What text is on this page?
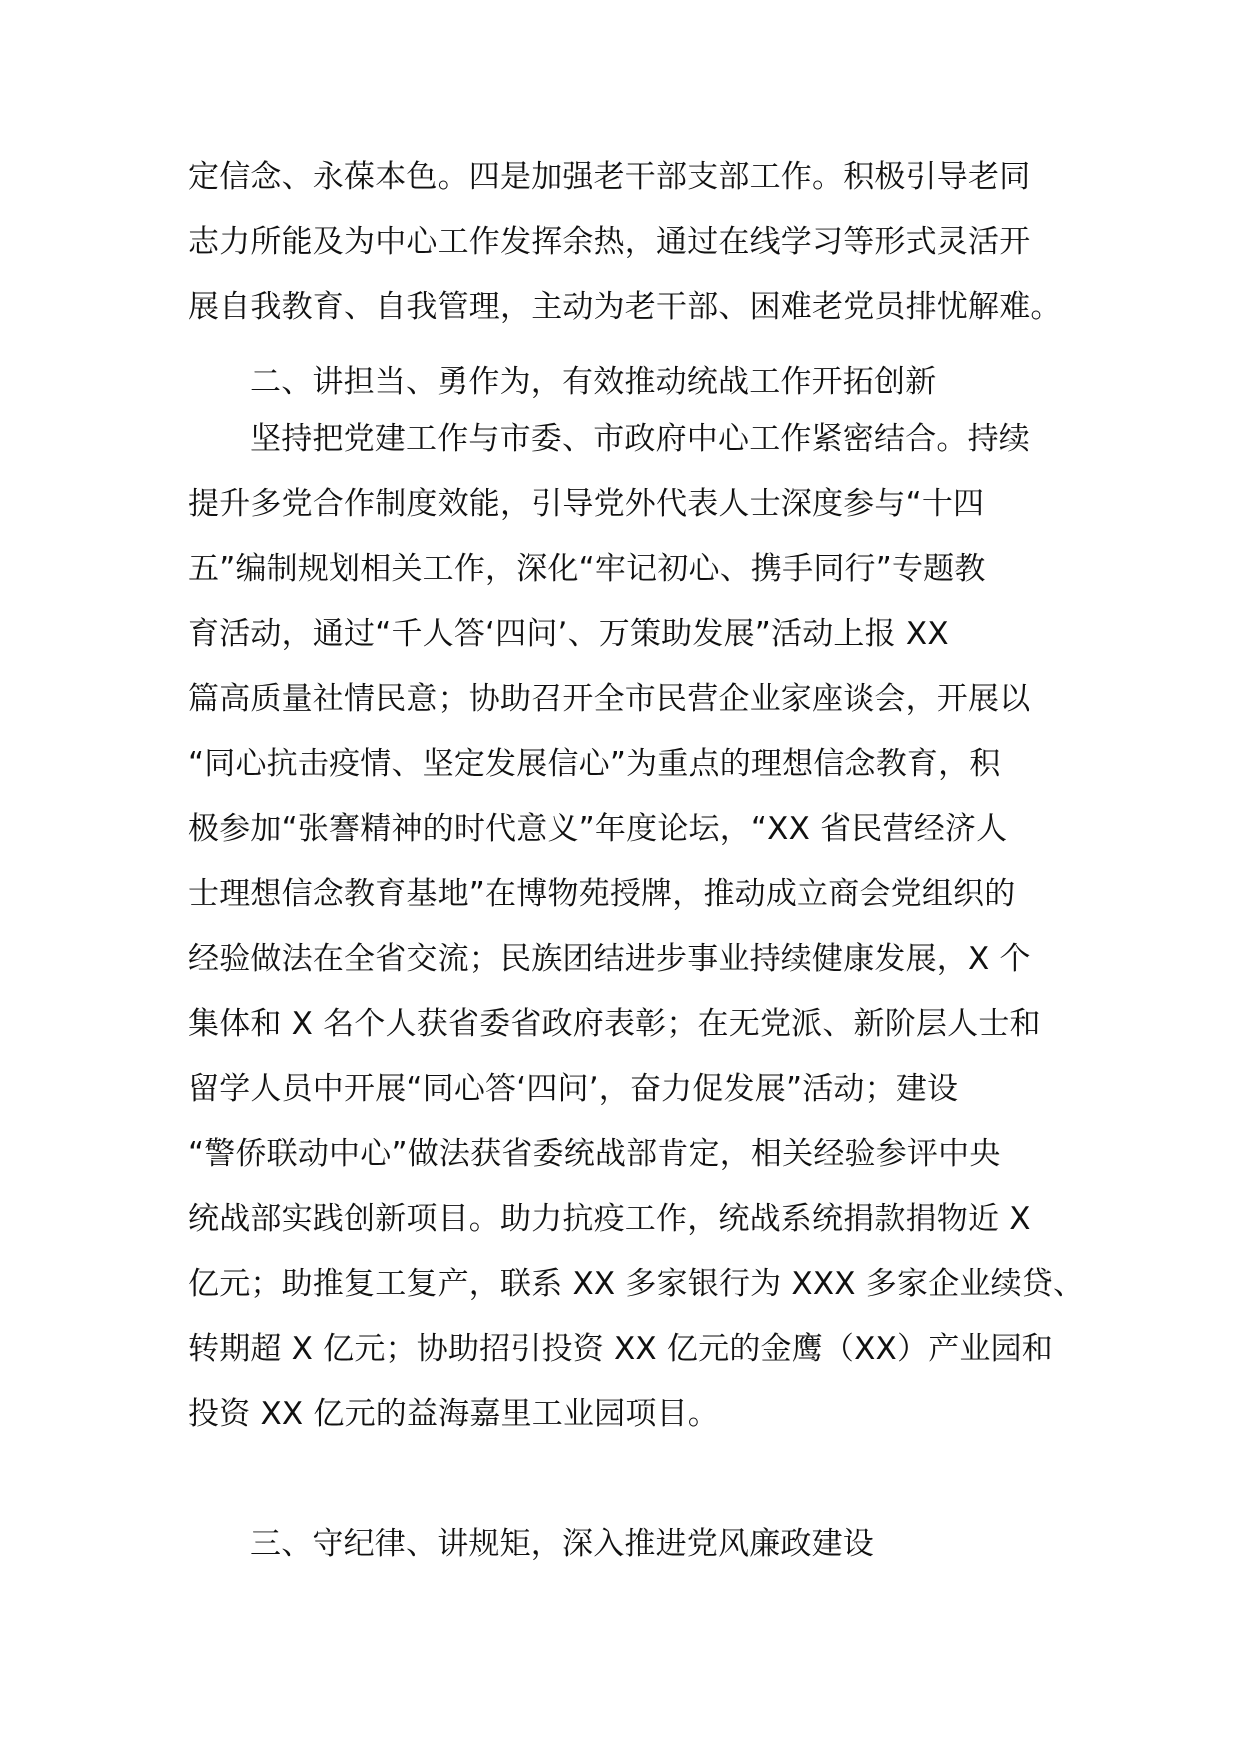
定信念、永葆本色。四是加强老干部支部工作。积极引导老同
志力所能及为中心工作发挥余热，通过在线学习等形式灵活开
展自我教育、自我管理，主动为老干部、困难老党员排忧解难。
二、讲担当、勇作为，有效推动统战工作开拓创新
坚持把党建工作与市委、市政府中心工作紧密结合。持续
提升多党合作制度效能，引导党外代表人士深度参与“十四
五”编制规划相关工作，深化“牢记初心、携手同行”专题教
育活动，通过“千人答‘四问’、万策助发展”活动上报 XX
篇高质量社情民意；协助召开全市民营企业家座谈会，开展以
“同心抗击疫情、坚定发展信心”为重点的理想信念教育，积
极参加“张謇精神的时代意义”年度论坛，“XX 省民营经济人
士理想信念教育基地”在博物苑授牌，推动成立商会党组织的
经验做法在全省交流；民族团结进步事业持续健康发展，X 个
集体和 X 名个人获省委省政府表彰；在无党派、新阶层人士和
留学人员中开展“同心答‘四问’，奋力促发展”活动；建设
“警侨联动中心”做法获省委统战部肯定，相关经验参评中央
统战部实践创新项目。助力抗疫工作，统战系统捐款捐物近 X
亿元；助推复工复产，联系 XX 多家银行为 XXX 多家企业续贷、
转期超 X 亿元；协助招引投资 XX 亿元的金鹰（XX）产业园和
投资 XX 亿元的益海嘉里工业园项目。
三、守纪律、讲规矩，深入推进党风廉政建设
